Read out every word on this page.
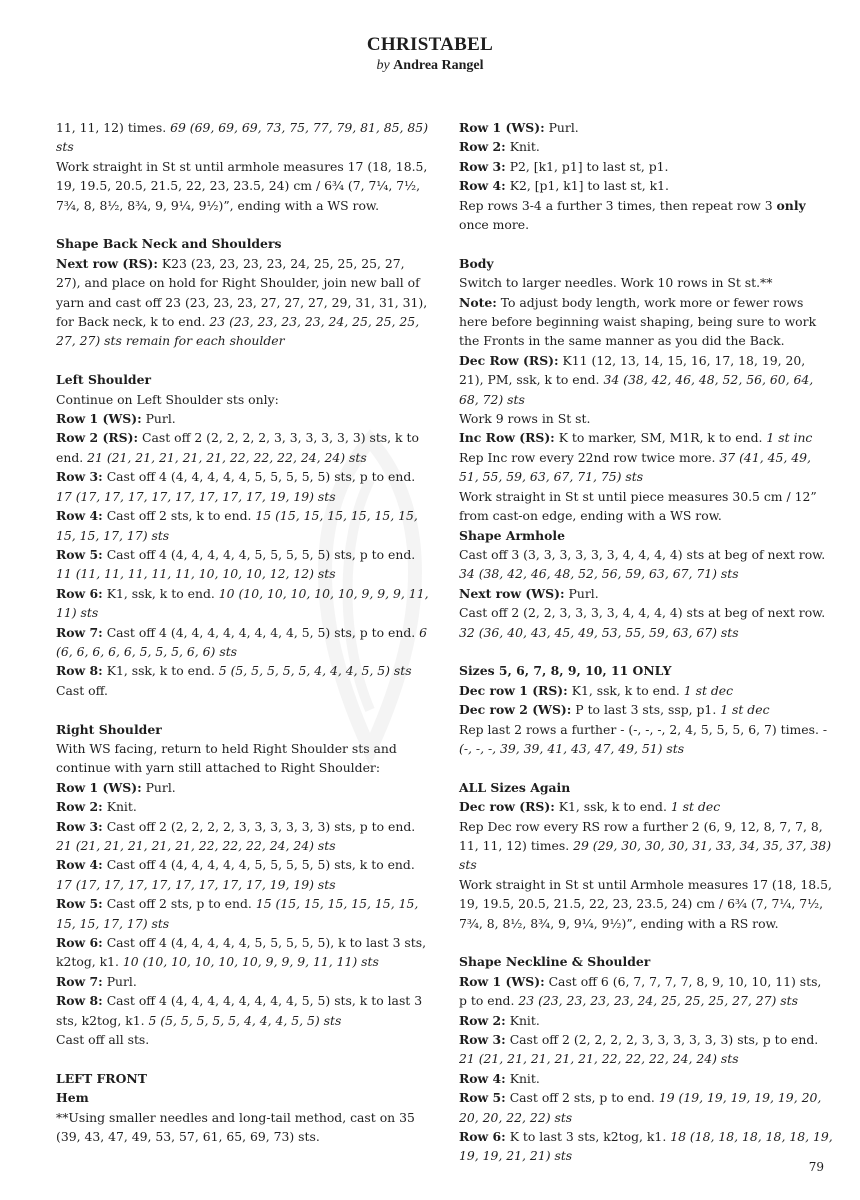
CHRISTABEL
by Andrea Rangel

11, 11, 12) times. 69 (69, 69, 69, 73, 75, 77, 79, 81, 85, 85) sts

Work straight in St st until armhole measures 17 (18, 18.5, 19, 19.5, 20.5, 21.5, 22, 23, 23.5, 24) cm / 6¾ (7, 7¼, 7½, 7¾, 8, 8½, 8¾, 9, 9¼, 9½)”, ending with a WS row.

Shape Back Neck and Shoulders

Next row (RS): K23 (23, 23, 23, 23, 24, 25, 25, 25, 27, 27), and place on hold for Right Shoulder, join new ball of yarn and cast off 23 (23, 23, 23, 27, 27, 27, 29, 31, 31, 31), for Back neck, k to end. 23 (23, 23, 23, 23, 24, 25, 25, 25, 27, 27) sts remain for each shoulder

Left Shoulder

Continue on Left Shoulder sts only:

Row 1 (WS): Purl.

Row 2 (RS): Cast off 2 (2, 2, 2, 2, 3, 3, 3, 3, 3, 3) sts, k to end. 21 (21, 21, 21, 21, 21, 22, 22, 22, 24, 24) sts

Row 3: Cast off 4 (4, 4, 4, 4, 4, 5, 5, 5, 5, 5) sts, p to end. 17 (17, 17, 17, 17, 17, 17, 17, 17, 19, 19) sts

Row 4: Cast off 2 sts, k to end. 15 (15, 15, 15, 15, 15, 15, 15, 15, 17, 17) sts

Row 5: Cast off 4 (4, 4, 4, 4, 4, 5, 5, 5, 5, 5) sts, p to end. 11 (11, 11, 11, 11, 11, 10, 10, 10, 12, 12) sts

Row 6: K1, ssk, k to end. 10 (10, 10, 10, 10, 10, 9, 9, 9, 11, 11) sts

Row 7: Cast off 4 (4, 4, 4, 4, 4, 4, 4, 4, 5, 5) sts, p to end. 6 (6, 6, 6, 6, 6, 5, 5, 5, 6, 6) sts

Row 8: K1, ssk, k to end. 5 (5, 5, 5, 5, 5, 4, 4, 4, 5, 5) sts

Cast off.

Right Shoulder

With WS facing, return to held Right Shoulder sts and continue with yarn still attached to Right Shoulder:

Row 1 (WS): Purl.

Row 2: Knit.

Row 3: Cast off 2 (2, 2, 2, 2, 3, 3, 3, 3, 3, 3) sts, p to end. 21 (21, 21, 21, 21, 21, 22, 22, 22, 24, 24) sts

Row 4: Cast off 4 (4, 4, 4, 4, 4, 5, 5, 5, 5, 5) sts, k to end. 17 (17, 17, 17, 17, 17, 17, 17, 17, 19, 19) sts

Row 5: Cast off 2 sts, p to end. 15 (15, 15, 15, 15, 15, 15, 15, 15, 17, 17) sts

Row 6: Cast off 4 (4, 4, 4, 4, 4, 5, 5, 5, 5, 5), k to last 3 sts, k2tog, k1. 10 (10, 10, 10, 10, 10, 9, 9, 9, 11, 11) sts

Row 7: Purl.

Row 8: Cast off 4 (4, 4, 4, 4, 4, 4, 4, 4, 5, 5) sts, k to last 3 sts, k2tog, k1. 5 (5, 5, 5, 5, 5, 4, 4, 4, 5, 5) sts

Cast off all sts.

LEFT FRONT

Hem

**Using smaller needles and long-tail method, cast on 35 (39, 43, 47, 49, 53, 57, 61, 65, 69, 73) sts.

Row 1 (WS): Purl.

Row 2: Knit.

Row 3: P2, [k1, p1] to last st, p1.

Row 4: K2, [p1, k1] to last st, k1.

Rep rows 3-4 a further 3 times, then repeat row 3 only once more.

Body

Switch to larger needles. Work 10 rows in St st.**

Note: To adjust body length, work more or fewer rows here before beginning waist shaping, being sure to work the Fronts in the same manner as you did the Back.

Dec Row (RS): K11 (12, 13, 14, 15, 16, 17, 18, 19, 20, 21), PM, ssk, k to end. 34 (38, 42, 46, 48, 52, 56, 60, 64, 68, 72) sts

Work 9 rows in St st.

Inc Row (RS): K to marker, SM, M1R, k to end. 1 st inc

Rep Inc row every 22nd row twice more. 37 (41, 45, 49, 51, 55, 59, 63, 67, 71, 75) sts

Work straight in St st until piece measures 30.5 cm / 12” from cast-on edge, ending with a WS row.

Shape Armhole

Cast off 3 (3, 3, 3, 3, 3, 3, 4, 4, 4, 4) sts at beg of next row. 34 (38, 42, 46, 48, 52, 56, 59, 63, 67, 71) sts

Next row (WS): Purl.

Cast off 2 (2, 2, 3, 3, 3, 3, 4, 4, 4, 4) sts at beg of next row. 32 (36, 40, 43, 45, 49, 53, 55, 59, 63, 67) sts

Sizes 5, 6, 7, 8, 9, 10, 11 ONLY

Dec row 1 (RS): K1, ssk, k to end. 1 st dec

Dec row 2 (WS): P to last 3 sts, ssp, p1. 1 st dec

Rep last 2 rows a further - (-, -, -, 2, 4, 5, 5, 5, 6, 7) times. - (-, -, -, 39, 39, 41, 43, 47, 49, 51) sts

ALL Sizes Again

Dec row (RS): K1, ssk, k to end. 1 st dec

Rep Dec row every RS row a further 2 (6, 9, 12, 8, 7, 7, 8, 11, 11, 12) times. 29 (29, 30, 30, 30, 31, 33, 34, 35, 37, 38) sts

Work straight in St st until Armhole measures 17 (18, 18.5, 19, 19.5, 20.5, 21.5, 22, 23, 23.5, 24) cm / 6¾ (7, 7¼, 7½, 7¾, 8, 8½, 8¾, 9, 9¼, 9½)”, ending with a RS row.

Shape Neckline & Shoulder

Row 1 (WS): Cast off 6 (6, 7, 7, 7, 7, 8, 9, 10, 10, 11) sts, p to end. 23 (23, 23, 23, 23, 24, 25, 25, 25, 27, 27) sts

Row 2: Knit.

Row 3: Cast off 2 (2, 2, 2, 2, 3, 3, 3, 3, 3, 3) sts, p to end. 21 (21, 21, 21, 21, 21, 22, 22, 22, 24, 24) sts

Row 4: Knit.

Row 5: Cast off 2 sts, p to end. 19 (19, 19, 19, 19, 19, 20, 20, 20, 22, 22) sts

Row 6: K to last 3 sts, k2tog, k1. 18 (18, 18, 18, 18, 18, 19, 19, 19, 21, 21) sts

79
